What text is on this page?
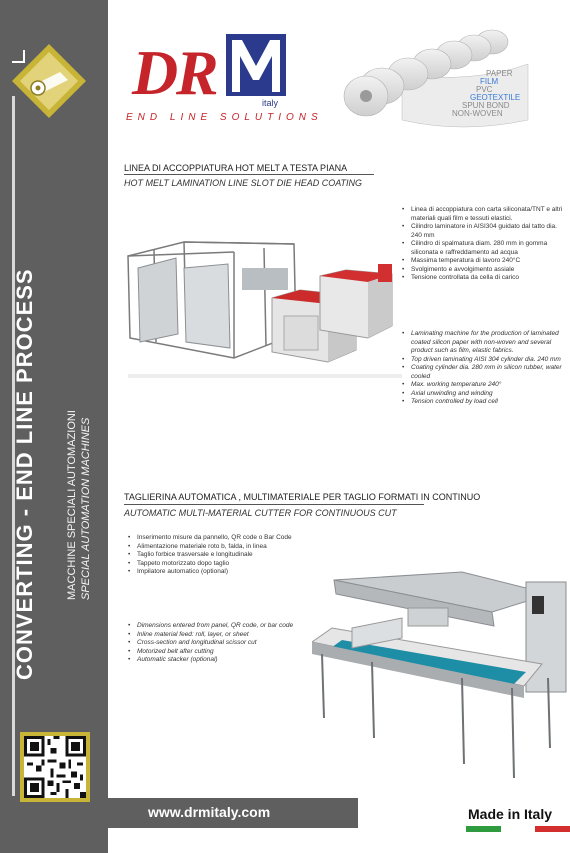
CONVERTING - END LINE PROCESS	MACCHINE SPECIALI AUTOMAZIONI SPECIAL AUTOMATION MACHINES
D
R	italy
END LINE SOLUTIONS
PAPER
FILM
PVC
GEOTEXTILE
SPUN BOND
NON-WOVEN
LINEA DI ACCOPPIATURA HOT MELT A TESTA PIANA
HOT MELT LAMINATION LINE SLOT DIE HEAD COATING
• Linea di accoppiatura con carta siliconata/TNT e altri materiali quali film e tessuti elastici.
• Cilindro laminatore in AISI304 guidato dal tatto dia. 240 mm
• Cilindro di spalmatura diam. 280 mm in gomma siliconata e raffreddamento ad acqua
• Massima temperatura di lavoro 240°C
• Svolgimento e avvolgimento assiale
• Tensione controllata da cella di carico
• Laminating machine for the production of laminated coated silicon paper with non-woven and several product such as film, elastic fabrics.
• Top driven laminating AISI 304 cylinder dia. 240 mm
• Coating cylinder dia. 280 mm in silicon rubber, water cooled
• Max. working temperature 240°
• Axial unwinding and winding
• Tension controlled by load cell
TAGLIERINA AUTOMATICA , MULTIMATERIALE PER TAGLIO FORMATI IN CONTINUO
AUTOMATIC MULTI-MATERIAL CUTTER FOR CONTINUOUS CUT
• Inserimento misure da pannello, QR code o Bar Code
• Alimentazione materiale roto b, falda, in linea
• Taglio forbice trasversale e longitudinale
• Tappeto motorizzato dopo taglio
• Impilatore automatico (optional)
• Dimensions entered from panel, QR code, or bar code
• Inline material feed: roll, layer, or sheet
• Cross-section and longitudinal scissor cut
• Motorized belt after cutting
• Automatic stacker (optional)
www.drmitaly.com	Made in Italy
